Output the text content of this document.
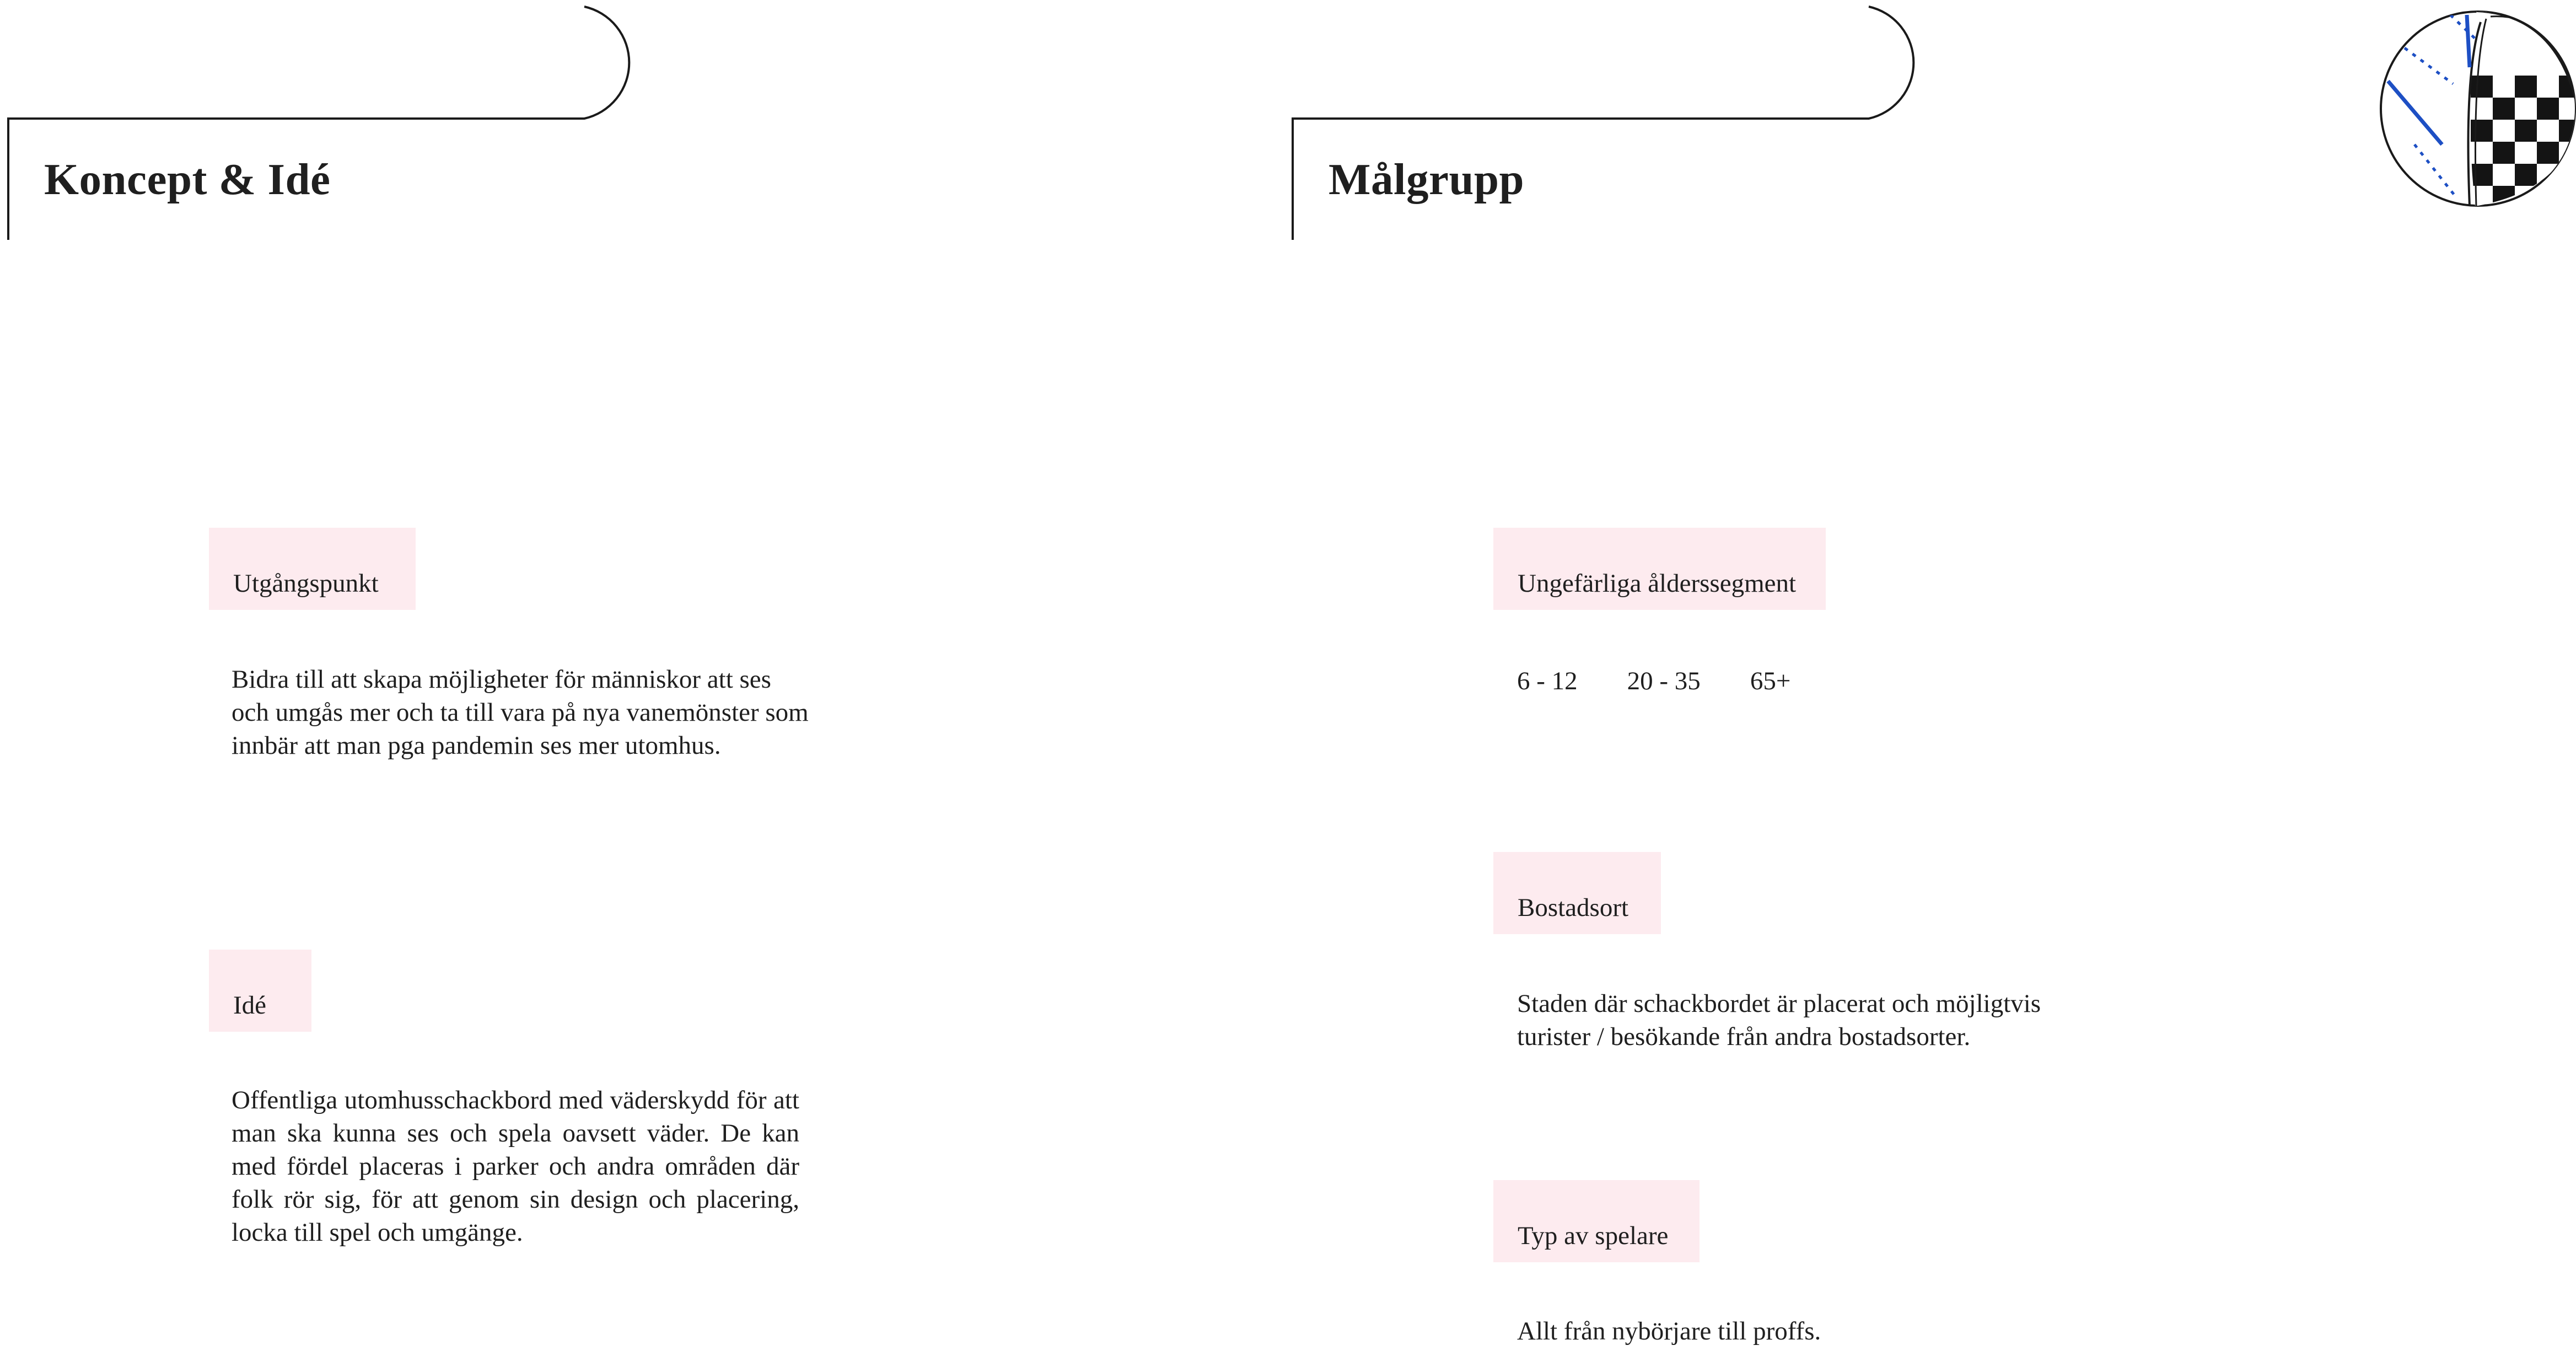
Koncept & Idé
Utgångspunkt

Bidra till att skapa möjligheter för människor att ses och umgås mer och ta till vara på nya vanemönster som innbär att man pga pandemin ses mer utomhus.

Idé

Offentliga utomhusschackbord med väderskydd för att man ska kunna ses och spela oavsett väder. De kan med fördel placeras i parker och andra områden där folk rör sig, för att genom sin design och placering, locka till spel och umgänge.

Målgrupp
Ungefärliga ålderssegment
6 - 12 20 - 35 65+
Bostadsort

Staden där schackbordet är placerat och möjligtvis turister / besökande från andra bostadsorter.

Typ av spelare

Allt från nybörjare till proffs.
